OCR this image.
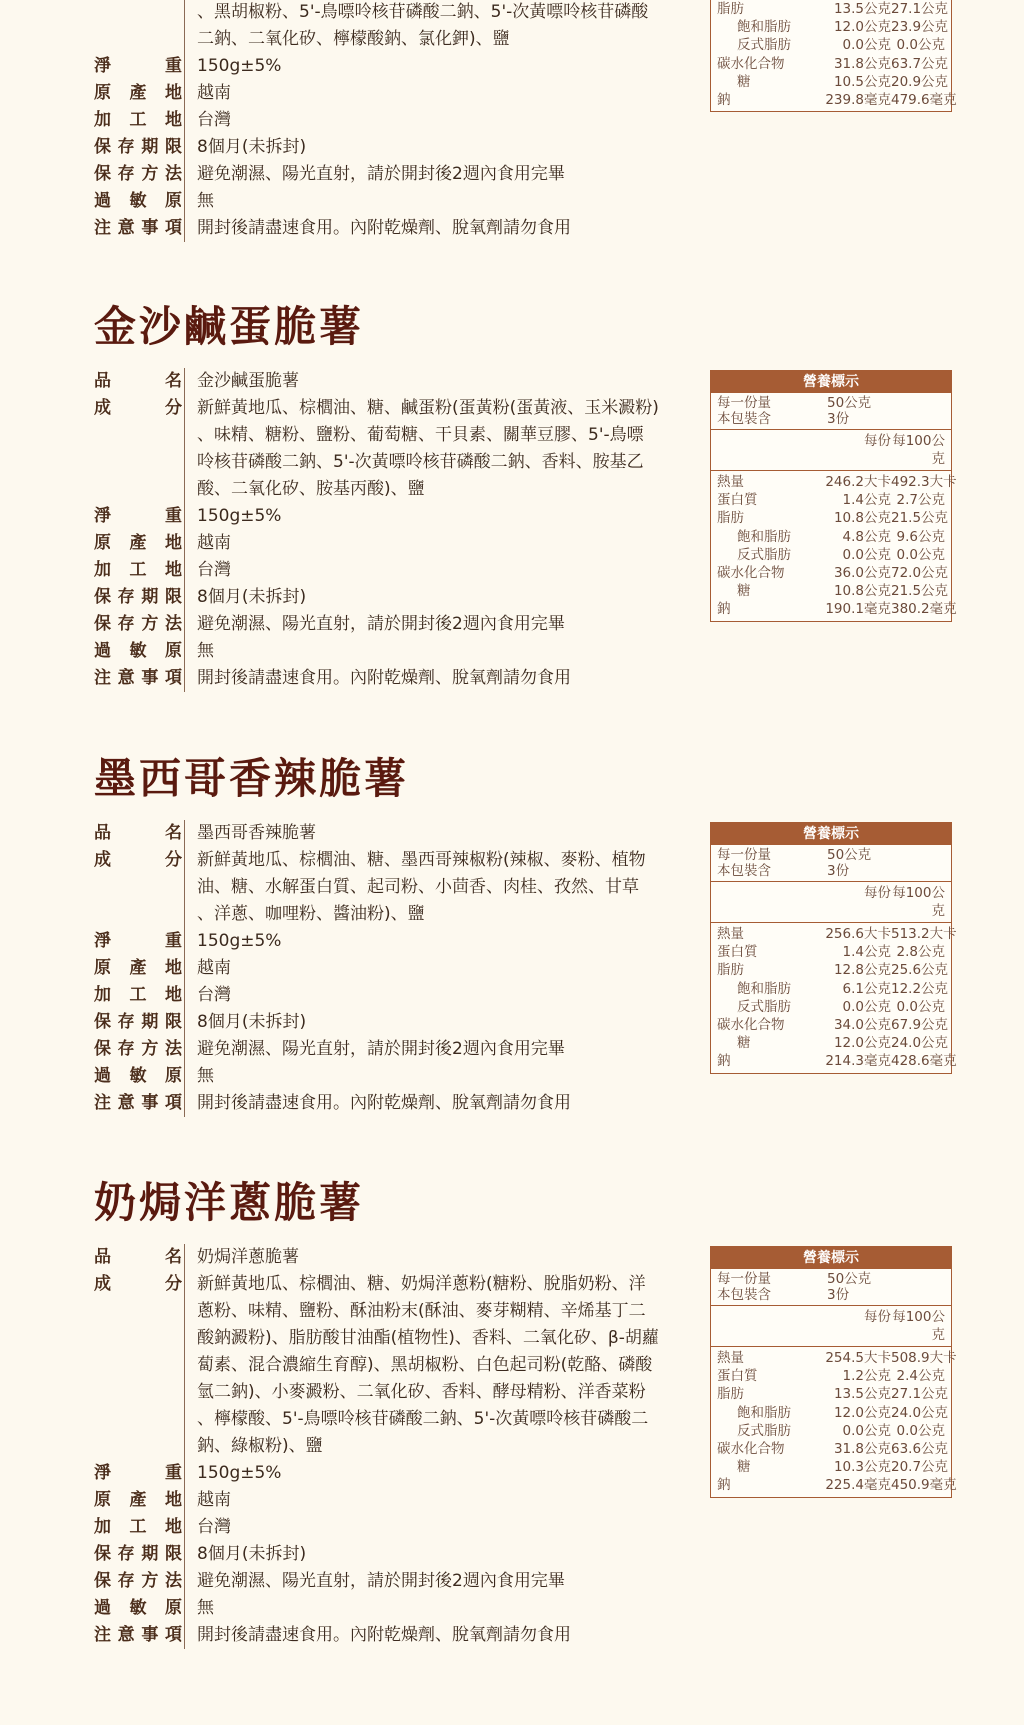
、黑胡椒粉、5'-鳥嘌呤核苷磷酸二鈉、5'-次黃嘌呤核苷磷酸
二鈉、二氧化矽、檸檬酸鈉、氯化鉀)、鹽
淨	重 150g±5%
原 產 地 越南
加 工 地 台灣
保 存 期 限 8個月(未拆封)
保 存 方 法 避免潮濕、陽光直射，請於開封後2週內食用完畢
過 敏 原 無
注 意 事 項 開封後請盡速食用。內附乾燥劑、脫氧劑請勿食用
脂肪	13.5公克 27.1公克
飽和脂肪	12.0公克 23.9公克
反式脂肪	0.0公克 0.0公克
碳水化合物	31.8公克 63.7公克
糖	10.5公克 20.9公克
鈉	239.8毫克 479.6毫克
金沙鹹蛋脆薯
品	名 金沙鹹蛋脆薯
成	分 新鮮黃地瓜、棕櫚油、糖、鹹蛋粉(蛋黃粉(蛋黃液、玉米澱粉)
、味精、糖粉、鹽粉、葡萄糖、干貝素、關華豆膠、5'-鳥嘌
呤核苷磷酸二鈉、5'-次黃嘌呤核苷磷酸二鈉、香料、胺基乙
酸、二氧化矽、胺基丙酸)、鹽
淨	重 150g±5%
原 產 地 越南
加 工 地 台灣
保 存 期 限 8個月(未拆封)
保 存 方 法 避免潮濕、陽光直射，請於開封後2週內食用完畢
過 敏 原 無
注 意 事 項 開封後請盡速食用。內附乾燥劑、脫氧劑請勿食用
營養標示
每一份量	50公克
本包裝含	3份
每份 每100公克
熱量	246.2大卡 492.3大卡
蛋白質	1.4公克 2.7公克
脂肪	10.8公克 21.5公克
飽和脂肪	4.8公克 9.6公克
反式脂肪	0.0公克 0.0公克
碳水化合物	36.0公克 72.0公克
糖	10.8公克 21.5公克
鈉	190.1毫克 380.2毫克
墨西哥香辣脆薯
品	名 墨西哥香辣脆薯
成	分 新鮮黃地瓜、棕櫚油、糖、墨西哥辣椒粉(辣椒、麥粉、植物
油、糖、水解蛋白質、起司粉、小茴香、肉桂、孜然、甘草
、洋蔥、咖哩粉、醬油粉)、鹽
淨	重 150g±5%
原 產 地 越南
加 工 地 台灣
保 存 期 限 8個月(未拆封)
保 存 方 法 避免潮濕、陽光直射，請於開封後2週內食用完畢
過 敏 原 無
注 意 事 項 開封後請盡速食用。內附乾燥劑、脫氧劑請勿食用
營養標示
每一份量	50公克
本包裝含	3份
每份 每100公克
熱量	256.6大卡 513.2大卡
蛋白質	1.4公克 2.8公克
脂肪	12.8公克 25.6公克
飽和脂肪	6.1公克 12.2公克
反式脂肪	0.0公克 0.0公克
碳水化合物	34.0公克 67.9公克
糖	12.0公克 24.0公克
鈉	214.3毫克 428.6毫克
奶焗洋蔥脆薯
品	名 奶焗洋蔥脆薯
成	分 新鮮黃地瓜、棕櫚油、糖、奶焗洋蔥粉(糖粉、脫脂奶粉、洋
蔥粉、味精、鹽粉、酥油粉末(酥油、麥芽糊精、辛烯基丁二
酸鈉澱粉)、脂肪酸甘油酯(植物性)、香料、二氧化矽、β-胡蘿
蔔素、混合濃縮生育醇)、黑胡椒粉、白色起司粉(乾酪、磷酸
氫二鈉)、小麥澱粉、二氧化矽、香料、酵母精粉、洋香菜粉
、檸檬酸、5'-鳥嘌呤核苷磷酸二鈉、5'-次黃嘌呤核苷磷酸二
鈉、綠椒粉)、鹽
淨	重 150g±5%
原 產 地 越南
加 工 地 台灣
保 存 期 限 8個月(未拆封)
保 存 方 法 避免潮濕、陽光直射，請於開封後2週內食用完畢
過 敏 原 無
注 意 事 項 開封後請盡速食用。內附乾燥劑、脫氧劑請勿食用
營養標示
每一份量	50公克
本包裝含	3份
每份 每100公克
熱量	254.5大卡 508.9大卡
蛋白質	1.2公克 2.4公克
脂肪	13.5公克 27.1公克
飽和脂肪	12.0公克 24.0公克
反式脂肪	0.0公克 0.0公克
碳水化合物	31.8公克 63.6公克
糖	10.3公克 20.7公克
鈉	225.4毫克 450.9毫克
